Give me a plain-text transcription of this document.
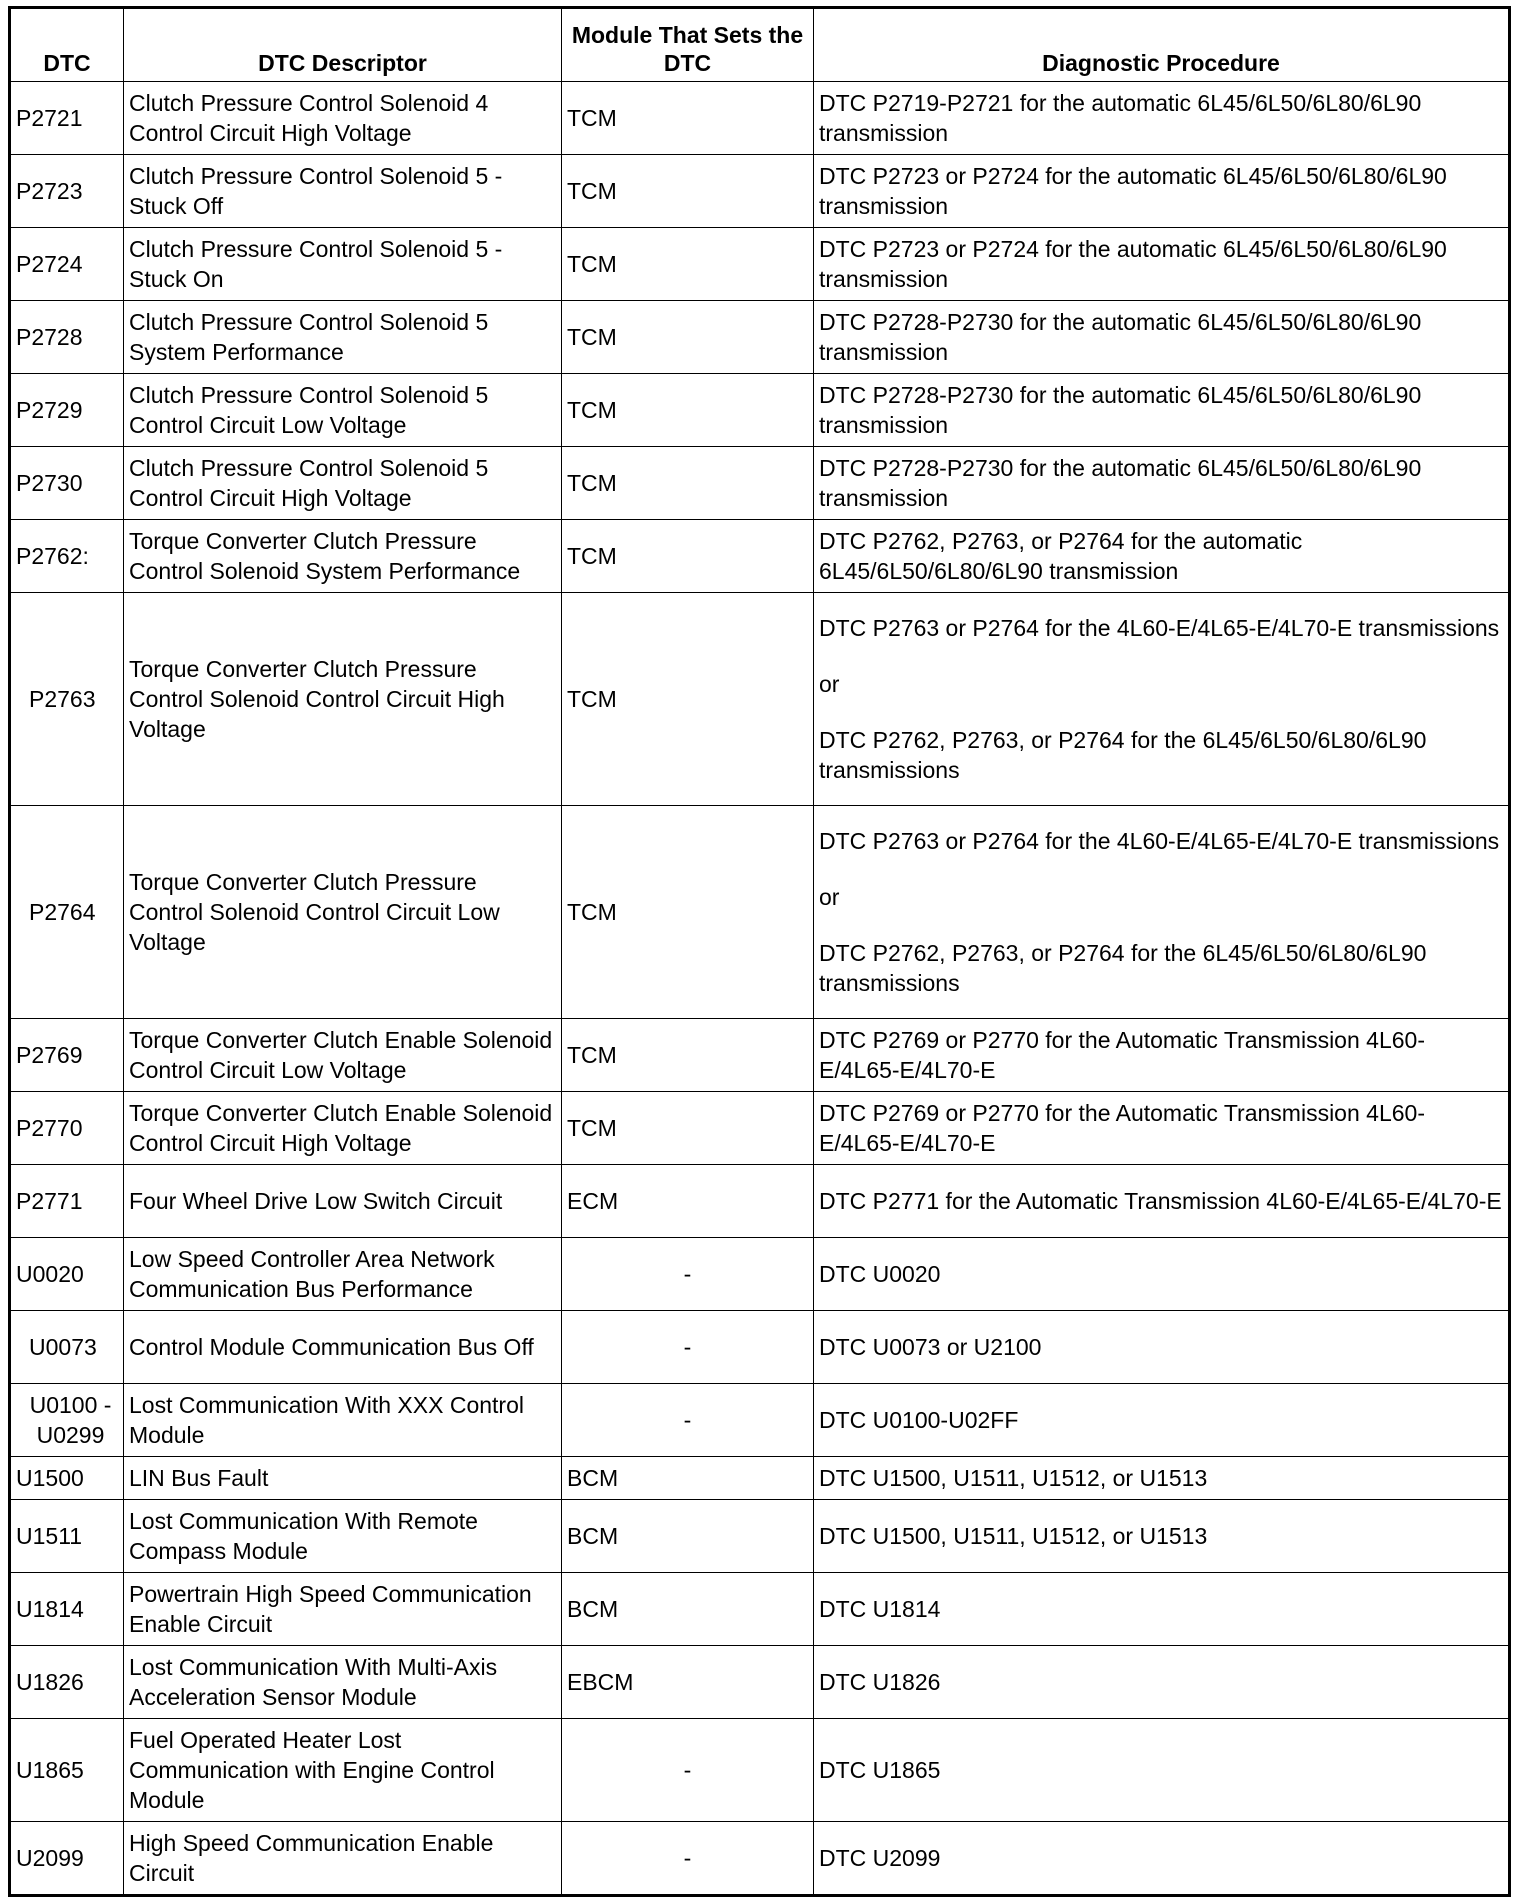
DTC	DTC Descriptor	Module That Sets the DTC	Diagnostic Procedure
P2721	Clutch Pressure Control Solenoid 4 Control Circuit High Voltage	TCM	DTC P2719-P2721 for the automatic 6L45/6L50/6L80/6L90 transmission

P2723	Clutch Pressure Control Solenoid 5 - Stuck Off	TCM	DTC P2723 or P2724 for the automatic 6L45/6L50/6L80/6L90 transmission

P2724	Clutch Pressure Control Solenoid 5 - Stuck On	TCM	DTC P2723 or P2724 for the automatic 6L45/6L50/6L80/6L90 transmission

P2728	Clutch Pressure Control Solenoid 5 System Performance	TCM	DTC P2728-P2730 for the automatic 6L45/6L50/6L80/6L90 transmission

P2729	Clutch Pressure Control Solenoid 5 Control Circuit Low Voltage	TCM	DTC P2728-P2730 for the automatic 6L45/6L50/6L80/6L90 transmission

P2730	Clutch Pressure Control Solenoid 5 Control Circuit High Voltage	TCM	DTC P2728-P2730 for the automatic 6L45/6L50/6L80/6L90 transmission

P2762:	Torque Converter Clutch Pressure Control Solenoid System Performance	TCM	DTC P2762, P2763, or P2764 for the automatic 6L45/6L50/6L80/6L90 transmission

P2763	Torque Converter Clutch Pressure Control Solenoid Control Circuit High Voltage	TCM	DTC P2763 or P2764 for the 4L60-E/4L65-E/4L70-E transmissions
or
DTC P2762, P2763, or P2764 for the 6L45/6L50/6L80/6L90 transmissions

P2764	Torque Converter Clutch Pressure Control Solenoid Control Circuit Low Voltage	TCM	DTC P2763 or P2764 for the 4L60-E/4L65-E/4L70-E transmissions
or
DTC P2762, P2763, or P2764 for the 6L45/6L50/6L80/6L90 transmissions

P2769	Torque Converter Clutch Enable Solenoid Control Circuit Low Voltage	TCM	DTC P2769 or P2770 for the Automatic Transmission 4L60-E/4L65-E/4L70-E

P2770	Torque Converter Clutch Enable Solenoid Control Circuit High Voltage	TCM	DTC P2769 or P2770 for the Automatic Transmission 4L60-E/4L65-E/4L70-E

P2771	Four Wheel Drive Low Switch Circuit	ECM	DTC P2771 for the Automatic Transmission 4L60-E/4L65-E/4L70-E

U0020	Low Speed Controller Area Network Communication Bus Performance	-	DTC U0020

U0073	Control Module Communication Bus Off	-	DTC U0073 or U2100

U0100 -U0299	Lost Communication With XXX Control Module	-	DTC U0100-U02FF

U1500	LIN Bus Fault	BCM	DTC U1500, U1511, U1512, or U1513

U1511	Lost Communication With Remote Compass Module	BCM	DTC U1500, U1511, U1512, or U1513

U1814	Powertrain High Speed Communication Enable Circuit	BCM	DTC U1814

U1826	Lost Communication With Multi-Axis Acceleration Sensor Module	EBCM	DTC U1826

U1865	Fuel Operated Heater Lost Communication with Engine Control Module	-	DTC U1865

U2099	High Speed Communication Enable Circuit	-	DTC U2099
